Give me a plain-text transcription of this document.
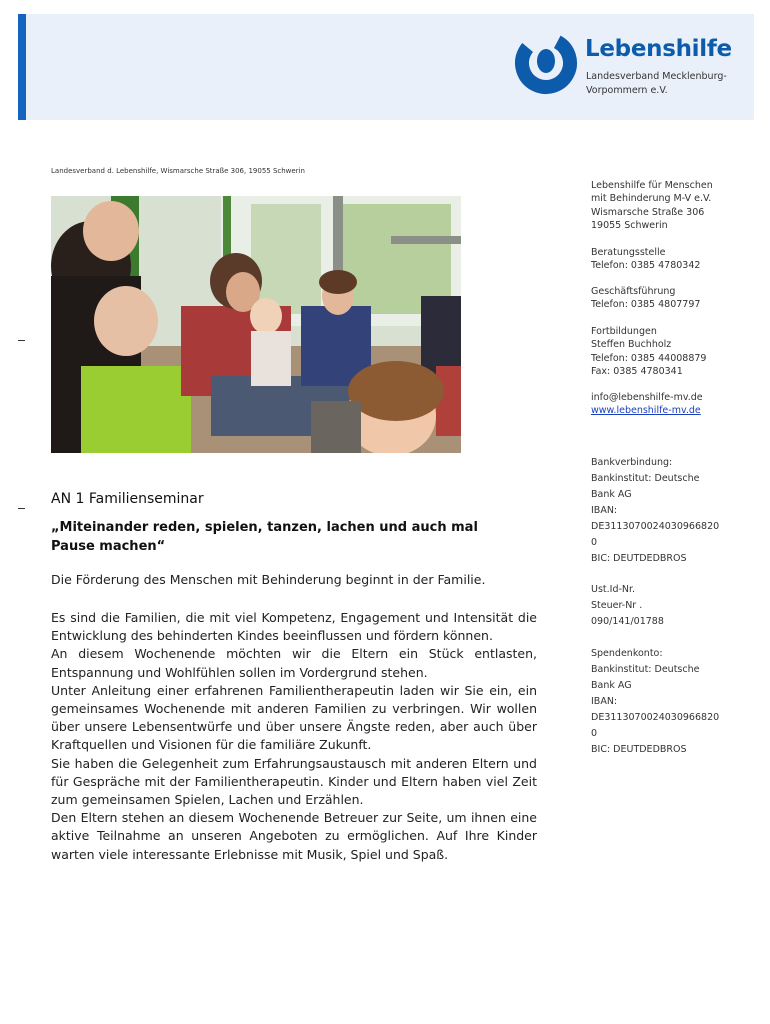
Lebenshilfe
Landesverband Mecklenburg-
Vorpommern e.V.
Landesverband d. Lebenshilfe, Wismarsche Straße 306, 19055 Schwerin
Lebenshilfe für Menschen
mit Behinderung M-V e.V.
Wismarsche Straße 306
19055 Schwerin
Beratungsstelle
Telefon: 0385 4780342
Geschäftsführung
Telefon: 0385 4807797
Fortbildungen
Steffen Buchholz
Telefon: 0385 44008879
Fax: 0385 4780341
info@lebenshilfe-mv.de
www.lebenshilfe-mv.de
Bankverbindung:
Bankinstitut: Deutsche
Bank AG
IBAN:
DE3113070024030966820
0
BIC: DEUTDEDBROS
Ust.Id-Nr.
Steuer-Nr .
090/141/01788
Spendenkonto:
Bankinstitut: Deutsche
Bank AG
IBAN:
DE3113070024030966820
0
BIC: DEUTDEDBROS
AN 1 Familienseminar
„Miteinander reden, spielen, tanzen, lachen und auch mal Pause machen“
Die Förderung des Menschen mit Behinderung beginnt in der Familie.

Es sind die Familien, die mit viel Kompetenz, Engagement und Intensität die Entwicklung des behinderten Kindes beeinflussen und fördern können.

An diesem Wochenende möchten wir die Eltern ein Stück entlasten, Entspannung und Wohlfühlen sollen im Vordergrund stehen.

Unter Anleitung einer erfahrenen Familientherapeutin laden wir Sie ein, ein gemeinsames Wochenende mit anderen Familien zu verbringen. Wir wollen über unsere Lebensentwürfe und über unsere Ängste reden, aber auch über Kraftquellen und Visionen für die familiäre Zukunft.

Sie haben die Gelegenheit zum Erfahrungsaustausch mit anderen Eltern und für Gespräche mit der Familientherapeutin. Kinder und Eltern haben viel Zeit zum gemeinsamen Spielen, Lachen und Erzählen.

Den Eltern stehen an diesem Wochenende Betreuer zur Seite, um ihnen eine aktive Teilnahme an unseren Angeboten zu ermöglichen. Auf Ihre Kinder warten viele interessante Erlebnisse mit Musik, Spiel und Spaß.
